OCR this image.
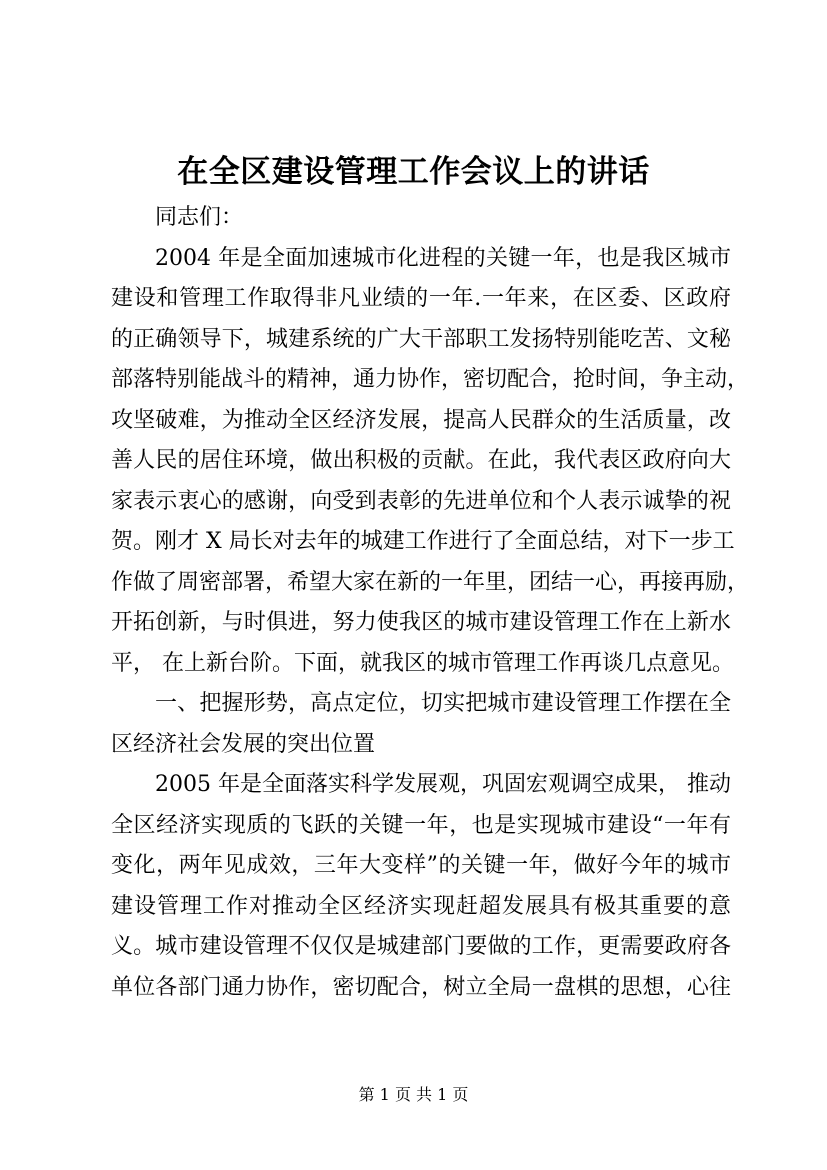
在全区建设管理工作会议上的讲话
同志们：
2004 年是全面加速城市化进程的关键一年，也是我区城市
建设和管理工作取得非凡业绩的一年.一年来，在区委、区政府
的正确领导下，城建系统的广大干部职工发扬特别能吃苦、文秘
部落特别能战斗的精神，通力协作，密切配合，抢时间，争主动，
攻坚破难，为推动全区经济发展，提高人民群众的生活质量，改
善人民的居住环境，做出积极的贡献。在此，我代表区政府向大
家表示衷心的感谢，向受到表彰的先进单位和个人表示诚挚的祝
贺。刚才 X 局长对去年的城建工作进行了全面总结，对下一步工
作做了周密部署，希望大家在新的一年里，团结一心，再接再励，
开拓创新，与时俱进，努力使我区的城市建设管理工作在上新水
平， 在上新台阶。下面，就我区的城市管理工作再谈几点意见。
一、把握形势，高点定位，切实把城市建设管理工作摆在全
区经济社会发展的突出位置
2005 年是全面落实科学发展观，巩固宏观调空成果， 推动
全区经济实现质的飞跃的关键一年，也是实现城市建设“一年有
变化，两年见成效，三年大变样”的关键一年，做好今年的城市
建设管理工作对推动全区经济实现赶超发展具有极其重要的意
义。城市建设管理不仅仅是城建部门要做的工作，更需要政府各
单位各部门通力协作，密切配合，树立全局一盘棋的思想，心往
第 1 页 共 1 页
